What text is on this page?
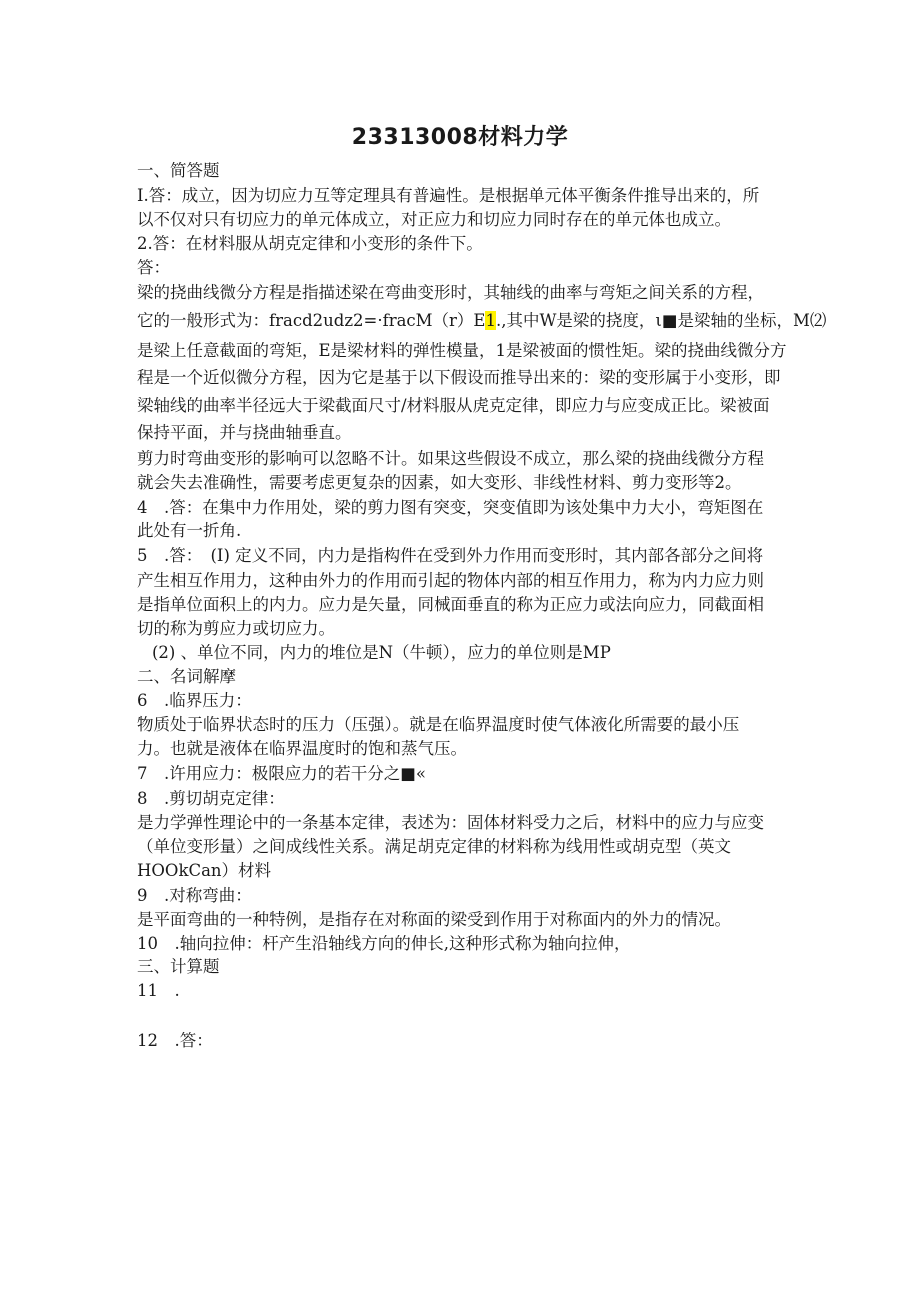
23313008材料力学
一、简答题
I.答：成立，因为切应力互等定理具有普遍性。是根据单元体平衡条件推导出来的，所
以不仅对只有切应力的单元体成立，对正应力和切应力同时存在的单元体也成立。
2.答：在材料服从胡克定律和小变形的条件下。
答：
梁的挠曲线微分方程是指描述梁在弯曲变形时，其轴线的曲率与弯矩之间关系的方程，
它的一般形式为：fracd2udz2=·fracM（r）E1.,其中W是梁的挠度，ι■是梁轴的坐标，M⑵
是梁上任意截面的弯矩，E是梁材料的弹性模量，1是梁被面的惯性矩。梁的挠曲线微分方
程是一个近似微分方程，因为它是基于以下假设而推导出来的：梁的变形属于小变形，即
梁轴线的曲率半径远大于梁截面尺寸/材料服从虎克定律，即应力与应变成正比。梁被面
保持平面，并与挠曲轴垂直。
剪力时弯曲变形的影响可以忽略不计。如果这些假设不成立，那么梁的挠曲线微分方程
就会失去准确性，需要考虑更复杂的因素，如大变形、非线性材料、剪力变形等2。
4　.答：在集中力作用处，梁的剪力图有突变，突变值即为该处集中力大小，弯矩图在
此处有一折角.
5　.答：　(I) 定义不同，内力是指构件在受到外力作用而变形时，其内部各部分之间将
产生相互作用力，这种由外力的作用而引起的物体内部的相互作用力，称为内力应力则
是指单位面积上的内力。应力是矢量，同械面垂直的称为正应力或法向应力，同截面相
切的称为剪应力或切应力。
(2) 、单位不同，内力的堆位是N（牛顿），应力的单位则是MP
二、名词解摩
6　.临界压力：
物质处于临界状态时的压力（压强）。就是在临界温度时使气体液化所需要的最小压
力。也就是液体在临界温度时的饱和蒸气压。
7　.许用应力：极限应力的若干分之■«
8　.剪切胡克定律：
是力学弹性理论中的一条基本定律，表述为：固体材料受力之后，材料中的应力与应变
（单位变形量）之间成线性关系。满足胡克定律的材料称为线用性或胡克型（英文
HOOkCan）材料
9　.对称弯曲：
是平面弯曲的一种特例，是指存在对称面的梁受到作用于对称面内的外力的情况。
10　.轴向拉伸：杆产生沿轴线方向的伸长,这种形式称为轴向拉伸，
三、计算题
11　.
12　.答：
